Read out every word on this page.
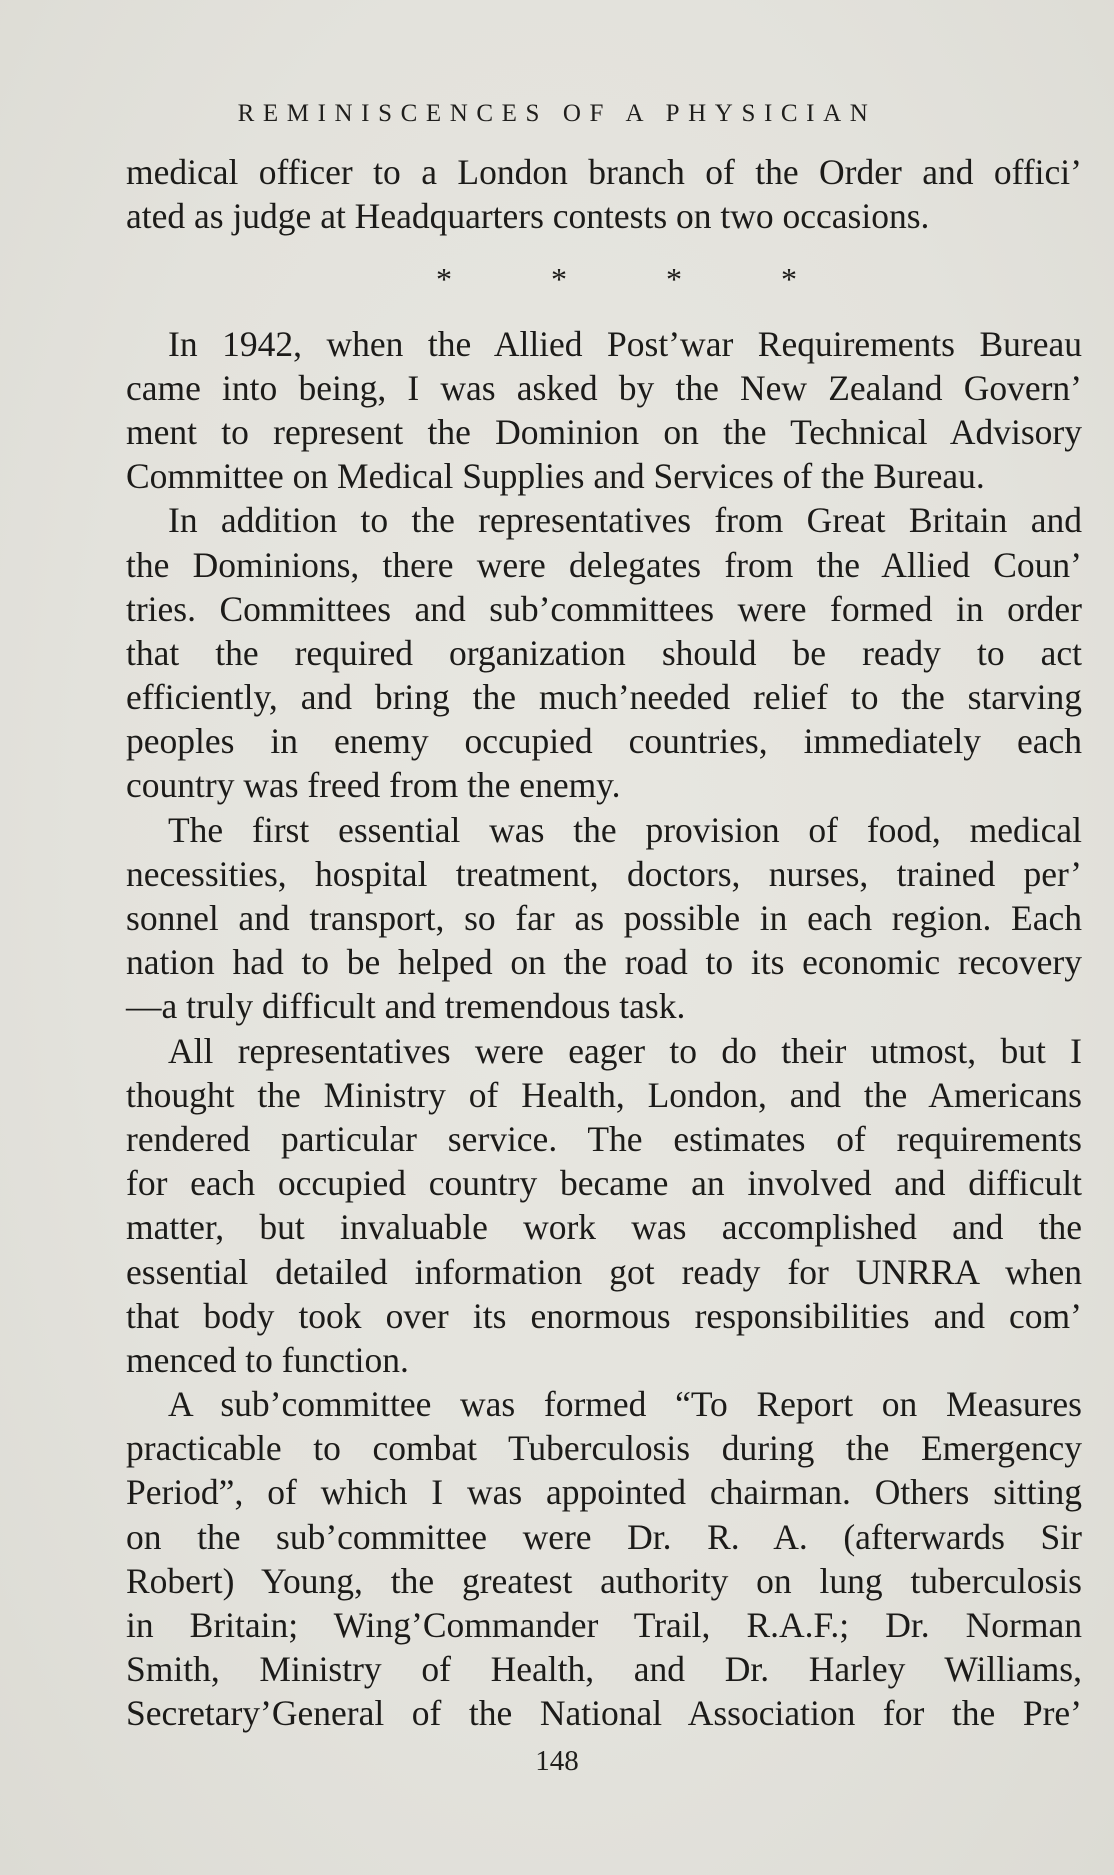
REMINISCENCES OF A PHYSICIAN
medical officer to a London branch of the Order and offici’
ated as judge at Headquarters contests on two occasions.
*	*	*	*
In 1942, when the Allied Post’war Requirements Bureau
came into being, I was asked by the New Zealand Govern’
ment to represent the Dominion on the Technical Advisory
Committee on Medical Supplies and Services of the Bureau.
In addition to the representatives from Great Britain and
the Dominions, there were delegates from the Allied Coun’
tries. Committees and sub’committees were formed in order
that the required organization should be ready to act
efficiently, and bring the much’needed relief to the starving
peoples in enemy occupied countries, immediately each
country was freed from the enemy.
The first essential was the provision of food, medical
necessities, hospital treatment, doctors, nurses, trained per’
sonnel and transport, so far as possible in each region. Each
nation had to be helped on the road to its economic recovery
—a truly difficult and tremendous task.
All representatives were eager to do their utmost, but I
thought the Ministry of Health, London, and the Americans
rendered particular service. The estimates of requirements
for each occupied country became an involved and difficult
matter, but invaluable work was accomplished and the
essential detailed information got ready for UNRRA when
that body took over its enormous responsibilities and com’
menced to function.
A sub’committee was formed “To Report on Measures
practicable to combat Tuberculosis during the Emergency
Period”, of which I was appointed chairman. Others sitting
on the sub’committee were Dr. R. A. (afterwards Sir
Robert) Young, the greatest authority on lung tuberculosis
in Britain; Wing’Commander Trail, R.A.F.; Dr. Norman
Smith, Ministry of Health, and Dr. Harley Williams,
Secretary’General of the National Association for the Pre’
148
